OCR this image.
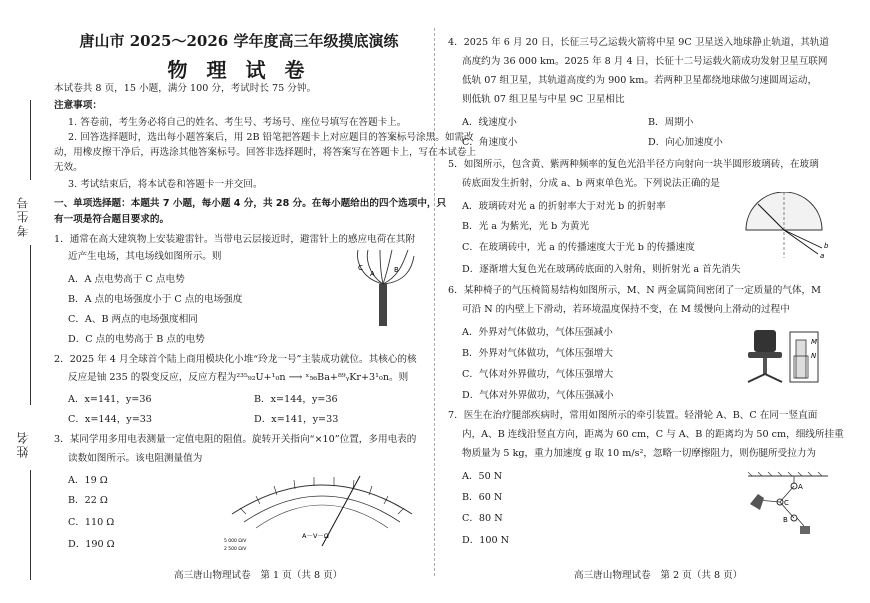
考生号
姓名
唐山市 2025～2026 学年度高三年级摸底演练
物 理 试 卷
本试卷共 8 页，15 小题，满分 100 分，考试时长 75 分钟。
注意事项：
1. 答卷前，考生务必将自己的姓名、考生号、考场号、座位号填写在答题卡上。
2. 回答选择题时，选出每小题答案后，用 2B 铅笔把答题卡上对应题目的答案标号涂黑。如需改
动，用橡皮擦干净后，再选涂其他答案标号。回答非选择题时，将答案写在答题卡上，写在本试卷上
无效。
3. 考试结束后，将本试卷和答题卡一并交回。
一、单项选择题：本题共 7 小题，每小题 4 分，共 28 分。在每小题给出的四个选项中，只
有一项是符合题目要求的。
1．通常在高大建筑物上安装避雷针。当带电云层接近时，避雷针上的感应电荷在其附
近产生电场，其电场线如图所示。则
A．A 点电势高于 C 点电势
B．A 点的电场强度小于 C 点的电场强度
C．A、B 两点的电场强度相同
D．C 点的电势高于 B 点的电势
C
A	B
2．2025 年 4 月全球首个陆上商用模块化小堆“玲龙一号”主装成功就位。其核心的核
反应是铀 235 的裂变反应，反应方程为²³⁵₉₂U+¹₀n ⟶ ˣ₅₆Ba+⁸⁹ᵧKr+3¹₀n。则
A．x=141，y=36	B．x=144，y=36
C．x=144，y=33	D．x=141，y=33
3．某同学用多用电表测量一定值电阻的阻值。旋转开关指向“×10”位置，多用电表的
读数如图所示。该电阻测量值为
A．19 Ω
B．22 Ω
C．110 Ω
D．190 Ω
A－V－Ω
5 000 Ω/V
2 500 Ω/V
高三唐山物理试卷　第 1 页（共 8 页）
4．2025 年 6 月 20 日，长征三号乙运载火箭将中星 9C 卫星送入地球静止轨道，其轨道
高度约为 36 000 km。2025 年 8 月 4 日，长征十二号运载火箭成功发射卫星互联网
低轨 07 组卫星，其轨道高度约为 900 km。若两种卫星都绕地球做匀速圆周运动，
则低轨 07 组卫星与中星 9C 卫星相比
A．线速度小	B．周期小
C．角速度小	D．向心加速度小
5．如图所示，包含黄、紫两种频率的复色光沿半径方向射向一块半圆形玻璃砖，在玻璃
砖底面发生折射，分成 a、b 两束单色光。下列说法正确的是
A．玻璃砖对光 a 的折射率大于对光 b 的折射率
B．光 a 为紫光，光 b 为黄光
C．在玻璃砖中，光 a 的传播速度大于光 b 的传播速度
D．逐渐增大复色光在玻璃砖底面的入射角，则折射光 a 首先消失
b
a
6．某种椅子的气压椅简易结构如图所示，M、N 两金属筒间密闭了一定质量的气体，M
可沿 N 的内壁上下滑动，若环境温度保持不变，在 M 缓慢向上滑动的过程中
A．外界对气体做功，气体压强减小
B．外界对气体做功，气体压强增大
C．气体对外界做功，气体压强增大
D．气体对外界做功，气体压强减小
M
N
7．医生在治疗腿部疾病时，常用如图所示的牵引装置。轻滑轮 A、B、C 在同一竖直面
内，A、B 连线沿竖直方向，距离为 60 cm，C 与 A、B 的距离均为 50 cm，细线所挂重
物质量为 5 kg，重力加速度 g 取 10 m/s²，忽略一切摩擦阻力，则伤腿所受拉力为
A．50 N
B．60 N
C．80 N
D．100 N
A
C
B
高三唐山物理试卷　第 2 页（共 8 页）
